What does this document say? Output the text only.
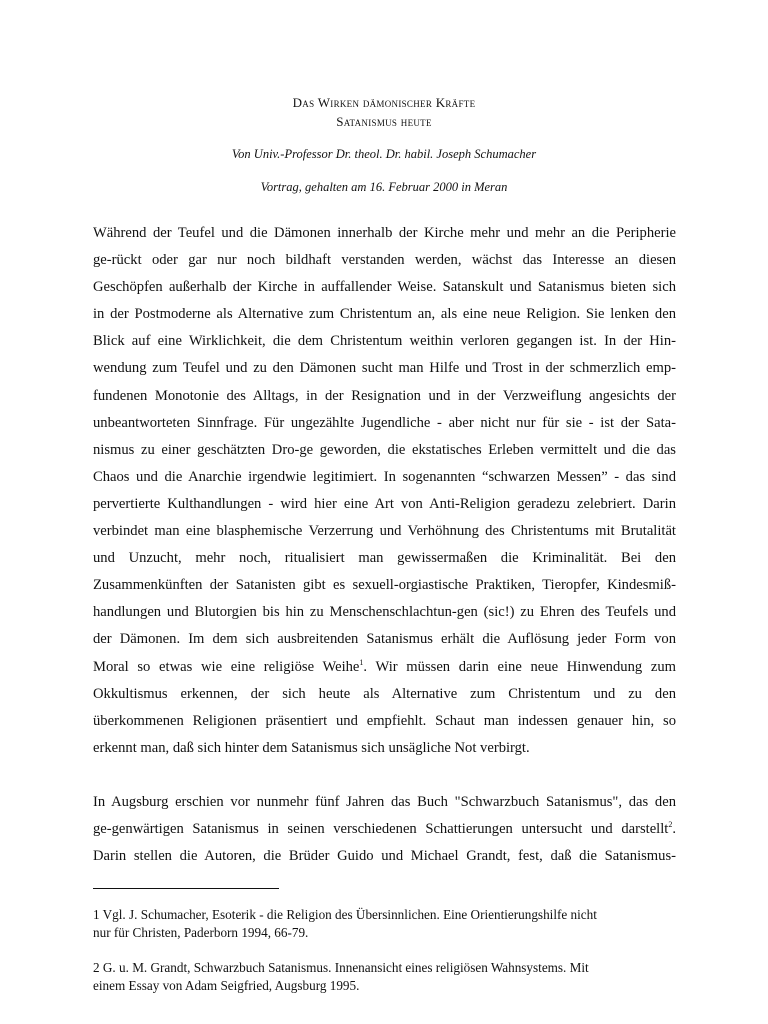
Das Wirken dämonischer Kräfte
Satanismus heute
Von Univ.-Professor Dr. theol. Dr. habil. Joseph Schumacher
Vortrag, gehalten am 16. Februar 2000 in Meran
Während der Teufel und die Dämonen innerhalb der Kirche mehr und mehr an die Peripherie
ge-rückt oder gar nur noch bildhaft verstanden werden, wächst das Interesse an diesen
Geschöpfen außerhalb der Kirche in auffallender Weise. Satanskult und Satanismus bieten sich
in der Postmoderne als Alternative zum Christentum an, als eine neue Religion. Sie lenken den
Blick auf eine Wirklichkeit, die dem Christentum weithin verloren gegangen ist. In der Hin-
wendung zum Teufel und zu den Dämonen sucht man Hilfe und Trost in der schmerzlich emp-
fundenen Monotonie des Alltags, in der Resignation und in der Verzweiflung angesichts der
unbeantworteten Sinnfrage. Für ungezählte Jugendliche - aber nicht nur für sie - ist der Sata-
nismus zu einer geschätzten Dro-ge geworden, die ekstatisches Erleben vermittelt und die das
Chaos und die Anarchie irgendwie legitimiert. In sogenannten “schwarzen Messen” - das sind
pervertierte Kulthandlungen - wird hier eine Art von Anti-Religion geradezu zelebriert. Darin
verbindet man eine blasphemische Verzerrung und Verhöhnung des Christentums mit Brutalität
und Unzucht, mehr noch, ritualisiert man gewissermaßen die Kriminalität. Bei den
Zusammenkünften der Satanisten gibt es sexuell-orgiastische Praktiken, Tieropfer, Kindesmiß-
handlungen und Blutorgien bis hin zu Menschenschlachtun-gen (sic!) zu Ehren des Teufels und
der Dämonen. Im dem sich ausbreitenden Satanismus erhält die Auflösung jeder Form von
Moral so etwas wie eine religiöse Weihe$^1$. Wir müssen darin eine neue Hinwendung zum
Okkultismus erkennen, der sich heute als Alternative zum Christentum und zu den
überkommenen Religionen präsentiert und empfiehlt. Schaut man indessen genauer hin, so
erkennt man, daß sich hinter dem Satanismus sich unsägliche Not verbirgt.
In Augsburg erschien vor nunmehr fünf Jahren das Buch "Schwarzbuch Satanismus", das den
ge-genwärtigen Satanismus in seinen verschiedenen Schattierungen untersucht und darstellt$^2$.
Darin stellen die Autoren, die Brüder Guido und Michael Grandt, fest, daß die Satanismus-
1 Vgl. J. Schumacher, Esoterik - die Religion des Übersinnlichen. Eine Orientierungshilfe nicht
nur für Christen, Paderborn 1994, 66-79.
2 G. u. M. Grandt, Schwarzbuch Satanismus. Innenansicht eines religiösen Wahnsystems. Mit
einem Essay von Adam Seigfried, Augsburg 1995.
